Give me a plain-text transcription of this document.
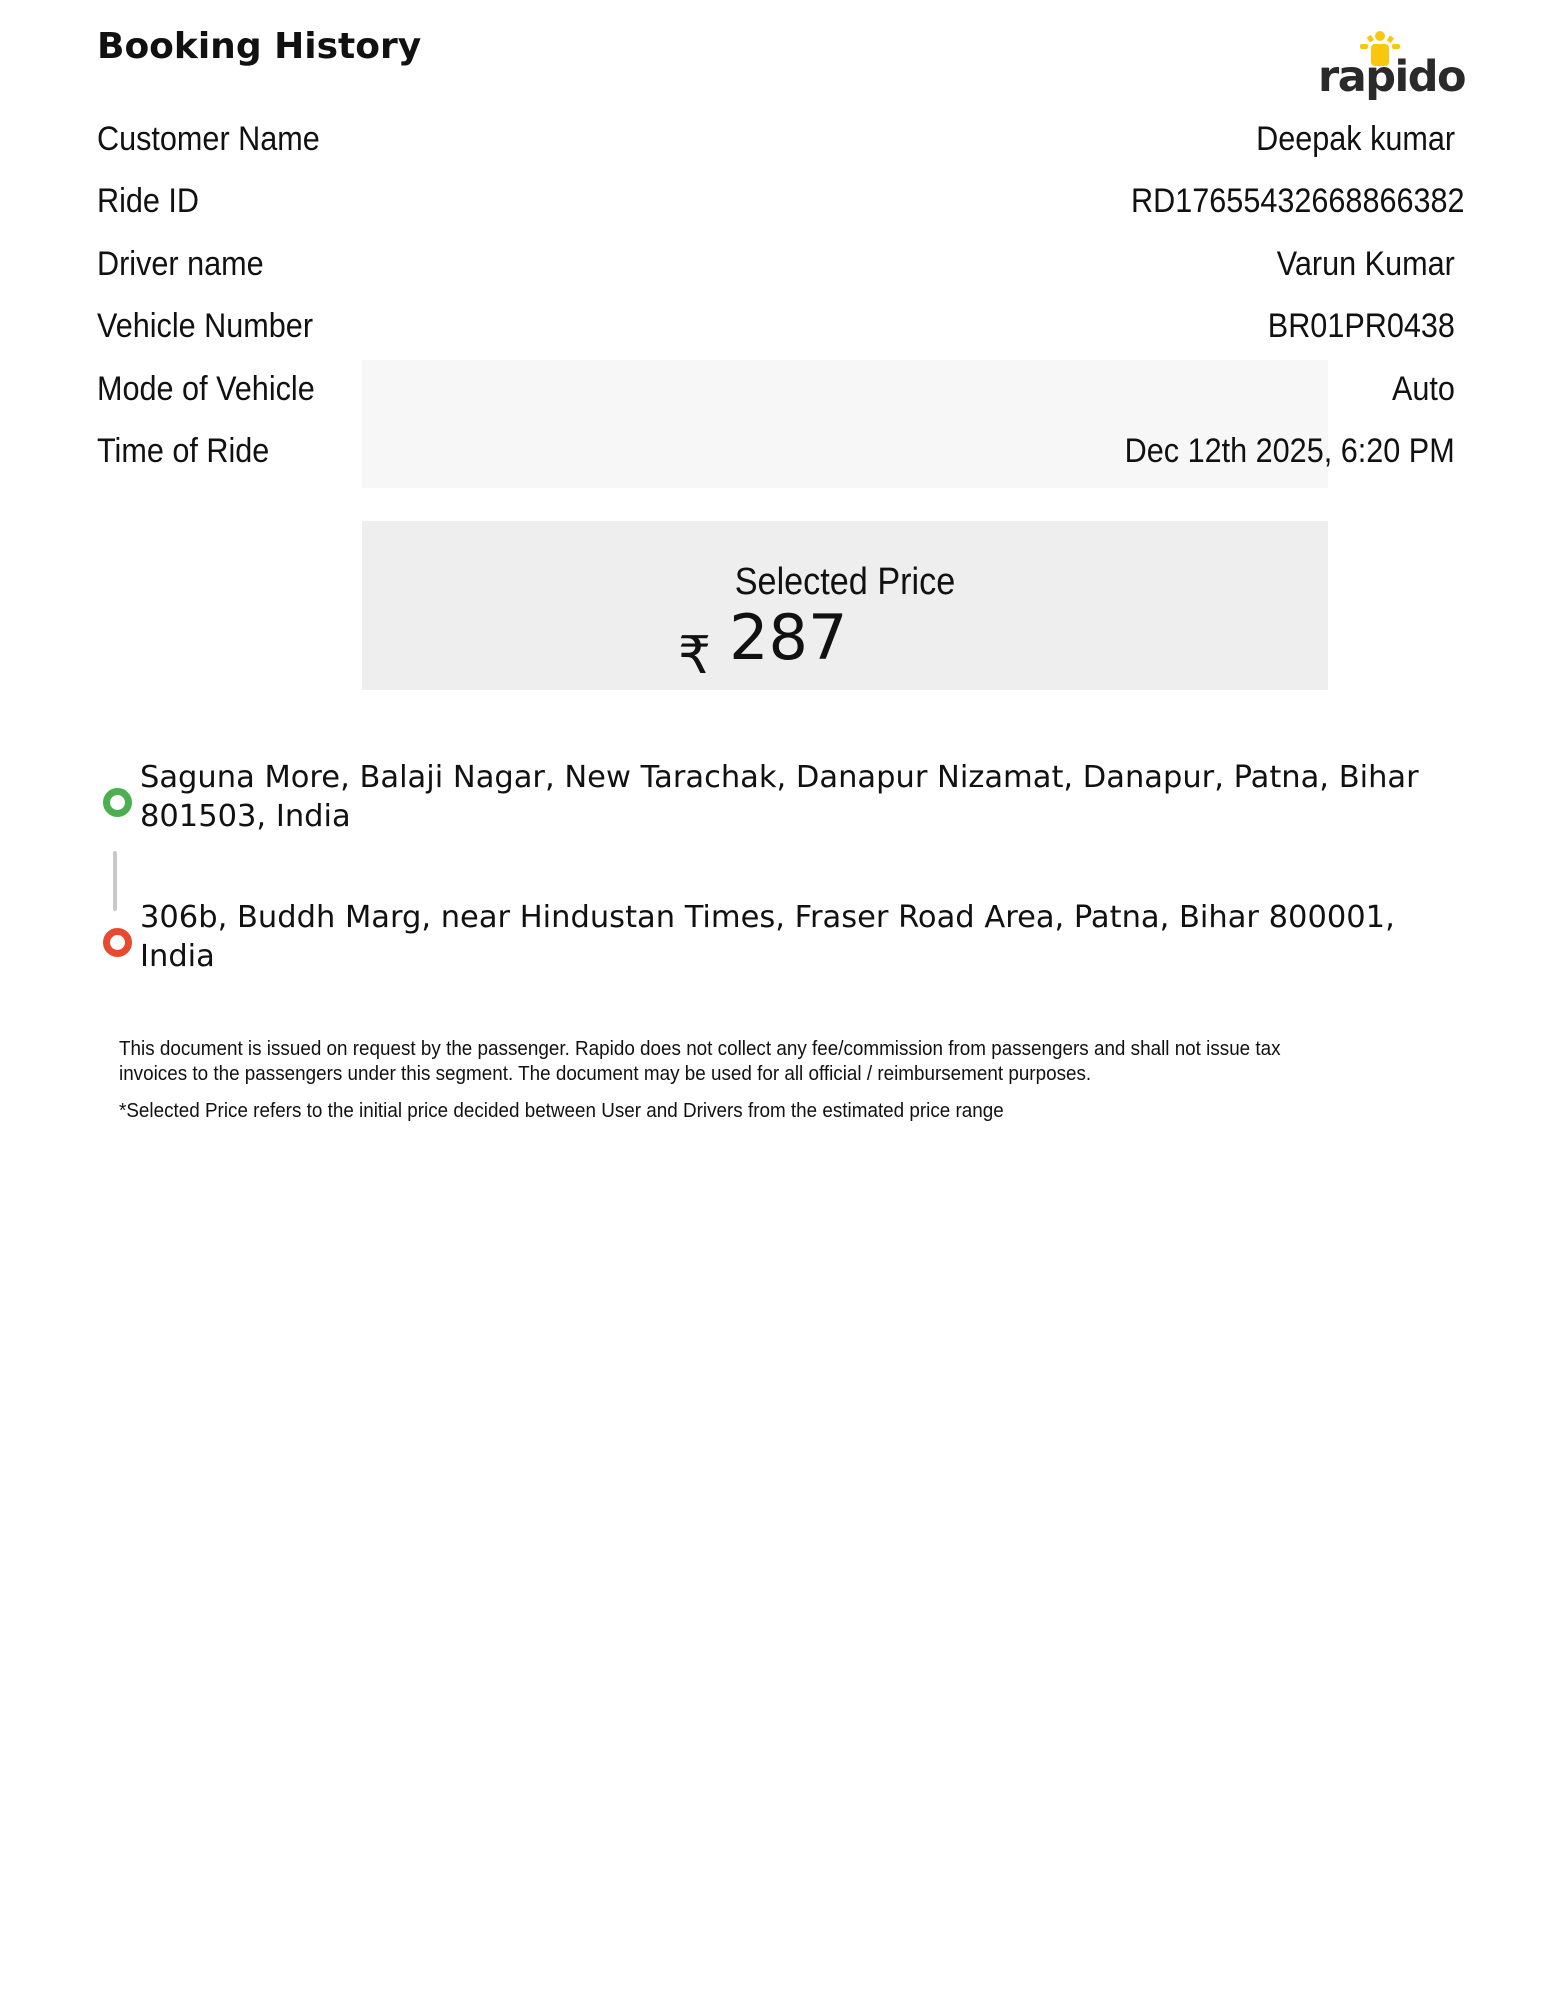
Booking History
rapido
Customer Name	Deepak kumar
Ride ID	RD17655432668866382
Driver name	Varun Kumar
Vehicle Number	BR01PR0438
Mode of Vehicle	Auto
Time of Ride	Dec 12th 2025, 6:20 PM
Selected Price
₹ 287
Saguna More, Balaji Nagar, New Tarachak, Danapur Nizamat, Danapur, Patna, Bihar 801503, India
306b, Buddh Marg, near Hindustan Times, Fraser Road Area, Patna, Bihar 800001, India

This document is issued on request by the passenger. Rapido does not collect any fee/commission from passengers and shall not issue tax invoices to the passengers under this segment. The document may be used for all official / reimbursement purposes.

*Selected Price refers to the initial price decided between User and Drivers from the estimated price range
